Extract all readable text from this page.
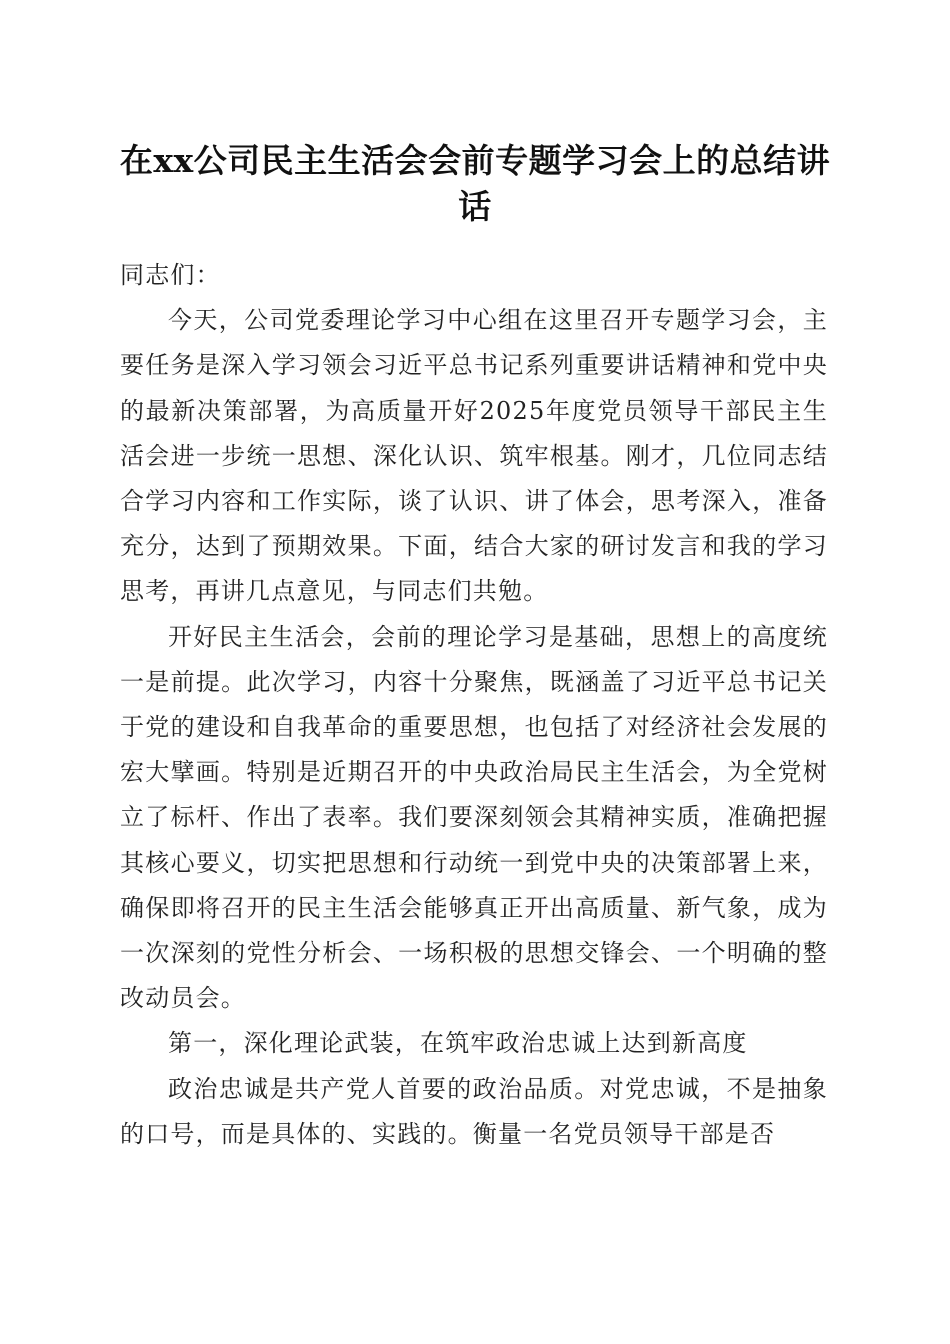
在xx公司民主生活会会前专题学习会上的总结讲话

同志们：

今天，公司党委理论学习中心组在这里召开专题学习会，主要任务是深入学习领会习近平总书记系列重要讲话精神和党中央的最新决策部署，为高质量开好2025年度党员领导干部民主生活会进一步统一思想、深化认识、筑牢根基。刚才，几位同志结合学习内容和工作实际，谈了认识、讲了体会，思考深入，准备充分，达到了预期效果。下面，结合大家的研讨发言和我的学习思考，再讲几点意见，与同志们共勉。

开好民主生活会，会前的理论学习是基础，思想上的高度统一是前提。此次学习，内容十分聚焦，既涵盖了习近平总书记关于党的建设和自我革命的重要思想，也包括了对经济社会发展的宏大擘画。特别是近期召开的中央政治局民主生活会，为全党树立了标杆、作出了表率。我们要深刻领会其精神实质，准确把握其核心要义，切实把思想和行动统一到党中央的决策部署上来，确保即将召开的民主生活会能够真正开出高质量、新气象，成为一次深刻的党性分析会、一场积极的思想交锋会、一个明确的整改动员会。

第一，深化理论武装，在筑牢政治忠诚上达到新高度

政治忠诚是共产党人首要的政治品质。对党忠诚，不是抽象的口号，而是具体的、实践的。衡量一名党员领导干部是否
